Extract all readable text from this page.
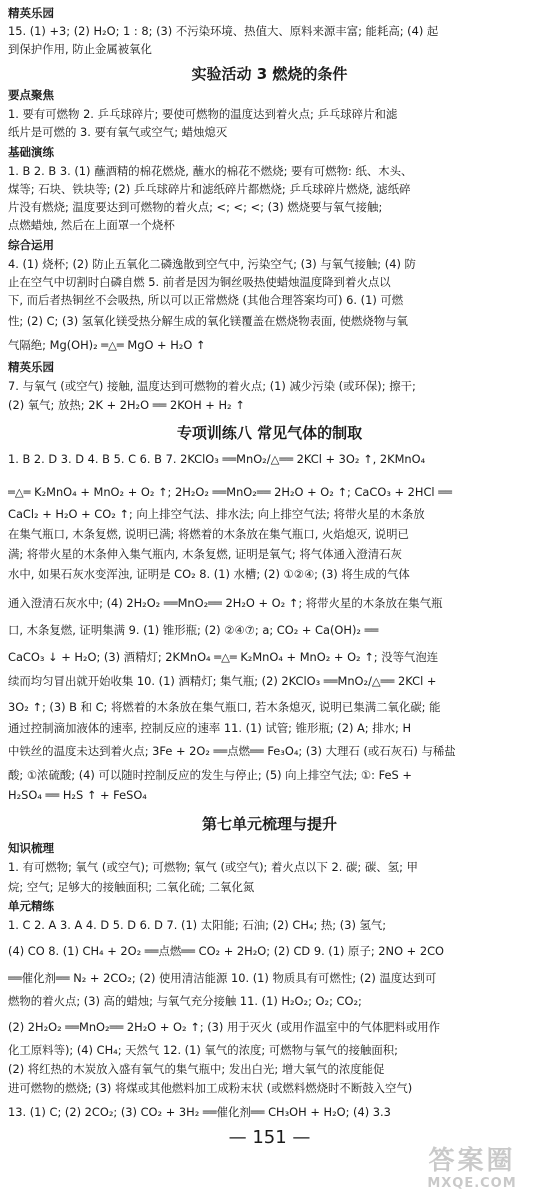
精英乐园
15. (1) +3; (2) H₂O; 1 : 8; (3) 不污染环境、热值大、原料来源丰富; 能耗高; (4) 起
到保护作用, 防止金属被氧化
实验活动 3 燃烧的条件
要点聚焦
1. 要有可燃物 2. 乒乓球碎片; 要使可燃物的温度达到着火点; 乒乓球碎片和滤
纸片是可燃的 3. 要有氧气或空气; 蜡烛熄灭
基础演练
1. B 2. B 3. (1) 蘸酒精的棉花燃烧, 蘸水的棉花不燃烧; 要有可燃物: 纸、木头、
煤等; 石块、铁块等; (2) 乒乓球碎片和滤纸碎片都燃烧; 乒乓球碎片燃烧, 滤纸碎
片没有燃烧; 温度要达到可燃物的着火点; <; <; <; (3) 燃烧要与氧气接触;
点燃蜡烛, 然后在上面罩一个烧杯
综合运用
4. (1) 烧杯; (2) 防止五氧化二磷逸散到空气中, 污染空气; (3) 与氧气接触; (4) 防
止在空气中切割时白磷自燃 5. 前者是因为铜丝吸热使蜡烛温度降到着火点以
下, 而后者热铜丝不会吸热, 所以可以正常燃烧 (其他合理答案均可) 6. (1) 可燃
性; (2) C; (3) 氢氧化镁受热分解生成的氧化镁覆盖在燃烧物表面, 使燃烧物与氧
气隔绝; Mg(OH)₂ ═△═ MgO + H₂O ↑
精英乐园
7. 与氧气 (或空气) 接触, 温度达到可燃物的着火点; (1) 减少污染 (或环保); 擦干;
(2) 氧气; 放热; 2K + 2H₂O ══ 2KOH + H₂ ↑
专项训练八 常见气体的制取
1. B 2. D 3. D 4. B 5. C 6. B 7. 2KClO₃ ══MnO₂/△══ 2KCl + 3O₂ ↑, 2KMnO₄
═△═ K₂MnO₄ + MnO₂ + O₂ ↑; 2H₂O₂ ══MnO₂══ 2H₂O + O₂ ↑; CaCO₃ + 2HCl ══
CaCl₂ + H₂O + CO₂ ↑; 向上排空气法、排水法; 向上排空气法; 将带火星的木条放
在集气瓶口, 木条复燃, 说明已满; 将燃着的木条放在集气瓶口, 火焰熄灭, 说明已
满; 将带火星的木条伸入集气瓶内, 木条复燃, 证明是氧气; 将气体通入澄清石灰
水中, 如果石灰水变浑浊, 证明是 CO₂ 8. (1) 水槽; (2) ①②④; (3) 将生成的气体
通入澄清石灰水中; (4) 2H₂O₂ ══MnO₂══ 2H₂O + O₂ ↑; 将带火星的木条放在集气瓶
口, 木条复燃, 证明集满 9. (1) 锥形瓶; (2) ②④⑦; a; CO₂ + Ca(OH)₂ ══
CaCO₃ ↓ + H₂O; (3) 酒精灯; 2KMnO₄ ═△═ K₂MnO₄ + MnO₂ + O₂ ↑; 没等气泡连
续而均匀冒出就开始收集 10. (1) 酒精灯; 集气瓶; (2) 2KClO₃ ══MnO₂/△══ 2KCl +
3O₂ ↑; (3) B 和 C; 将燃着的木条放在集气瓶口, 若木条熄灭, 说明已集满二氧化碳; 能
通过控制滴加液体的速率, 控制反应的速率 11. (1) 试管; 锥形瓶; (2) A; 排水; H
中铁丝的温度未达到着火点; 3Fe + 2O₂ ══点燃══ Fe₃O₄; (3) 大理石 (或石灰石) 与稀盐
酸; ①浓硫酸; (4) 可以随时控制反应的发生与停止; (5) 向上排空气法; ①: FeS +
H₂SO₄ ══ H₂S ↑ + FeSO₄
第七单元梳理与提升
知识梳理
1. 有可燃物; 氧气 (或空气); 可燃物; 氧气 (或空气); 着火点以下 2. 碳; 碳、氢; 甲
烷; 空气; 足够大的接触面积; 二氧化硫; 二氧化氮
单元精练
1. C 2. A 3. A 4. D 5. D 6. D 7. (1) 太阳能; 石油; (2) CH₄; 热; (3) 氢气;
(4) CO 8. (1) CH₄ + 2O₂ ══点燃══ CO₂ + 2H₂O; (2) CD 9. (1) 原子; 2NO + 2CO
══催化剂══ N₂ + 2CO₂; (2) 使用清洁能源 10. (1) 物质具有可燃性; (2) 温度达到可
燃物的着火点; (3) 高的蜡烛; 与氧气充分接触 11. (1) H₂O₂; O₂; CO₂;
(2) 2H₂O₂ ══MnO₂══ 2H₂O + O₂ ↑; (3) 用于灭火 (或用作温室中的气体肥料或用作
化工原料等); (4) CH₄; 天然气 12. (1) 氧气的浓度; 可燃物与氧气的接触面积;
(2) 将红热的木炭放入盛有氧气的集气瓶中; 发出白光; 增大氧气的浓度能促
进可燃物的燃烧; (3) 将煤或其他燃料加工成粉末状 (或燃料燃烧时不断鼓入空气)
13. (1) C; (2) 2CO₂; (3) CO₂ + 3H₂ ══催化剂══ CH₃OH + H₂O; (4) 3.3
— 151 —
答案圈
MXQE.COM
